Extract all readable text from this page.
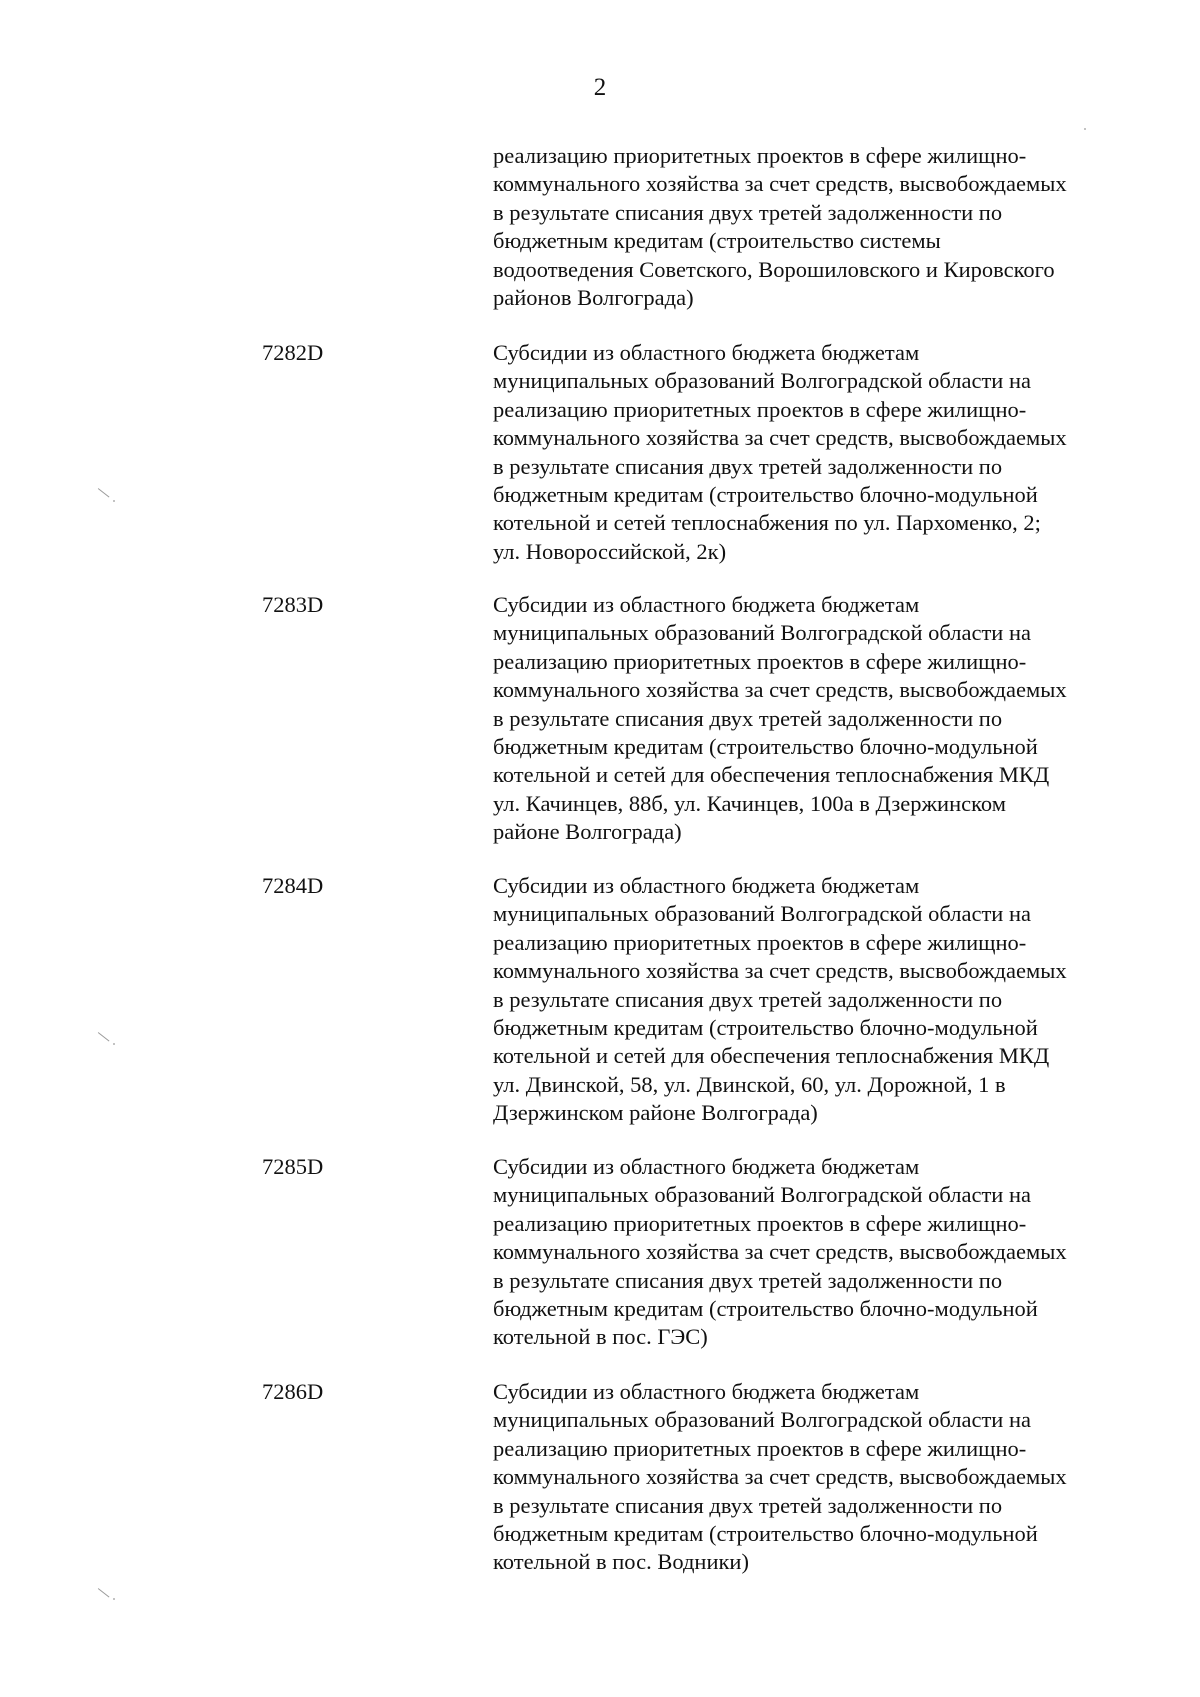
2

реализацию приоритетных проектов в сфере жилищно-
коммунального хозяйства за счет средств, высвобождаемых
в результате списания двух третей задолженности по
бюджетным кредитам (строительство системы
водоотведения Советского, Ворошиловского и Кировского
районов Волгограда)

7282D	Субсидии из областного бюджета бюджетам
муниципальных образований Волгоградской области на
реализацию приоритетных проектов в сфере жилищно-
коммунального хозяйства за счет средств, высвобождаемых
в результате списания двух третей задолженности по
бюджетным кредитам (строительство блочно-модульной
котельной и сетей теплоснабжения по ул. Пархоменко, 2;
ул. Новороссийской, 2к)

7283D	Субсидии из областного бюджета бюджетам
муниципальных образований Волгоградской области на
реализацию приоритетных проектов в сфере жилищно-
коммунального хозяйства за счет средств, высвобождаемых
в результате списания двух третей задолженности по
бюджетным кредитам (строительство блочно-модульной
котельной и сетей для обеспечения теплоснабжения МКД
ул. Качинцев, 88б, ул. Качинцев, 100а в Дзержинском
районе Волгограда)

7284D	Субсидии из областного бюджета бюджетам
муниципальных образований Волгоградской области на
реализацию приоритетных проектов в сфере жилищно-
коммунального хозяйства за счет средств, высвобождаемых
в результате списания двух третей задолженности по
бюджетным кредитам (строительство блочно-модульной
котельной и сетей для обеспечения теплоснабжения МКД
ул. Двинской, 58, ул. Двинской, 60, ул. Дорожной, 1 в
Дзержинском районе Волгограда)

7285D	Субсидии из областного бюджета бюджетам
муниципальных образований Волгоградской области на
реализацию приоритетных проектов в сфере жилищно-
коммунального хозяйства за счет средств, высвобождаемых
в результате списания двух третей задолженности по
бюджетным кредитам (строительство блочно-модульной
котельной в пос. ГЭС)

7286D	Субсидии из областного бюджета бюджетам
муниципальных образований Волгоградской области на
реализацию приоритетных проектов в сфере жилищно-
коммунального хозяйства за счет средств, высвобождаемых
в результате списания двух третей задолженности по
бюджетным кредитам (строительство блочно-модульной
котельной в пос. Водники)
